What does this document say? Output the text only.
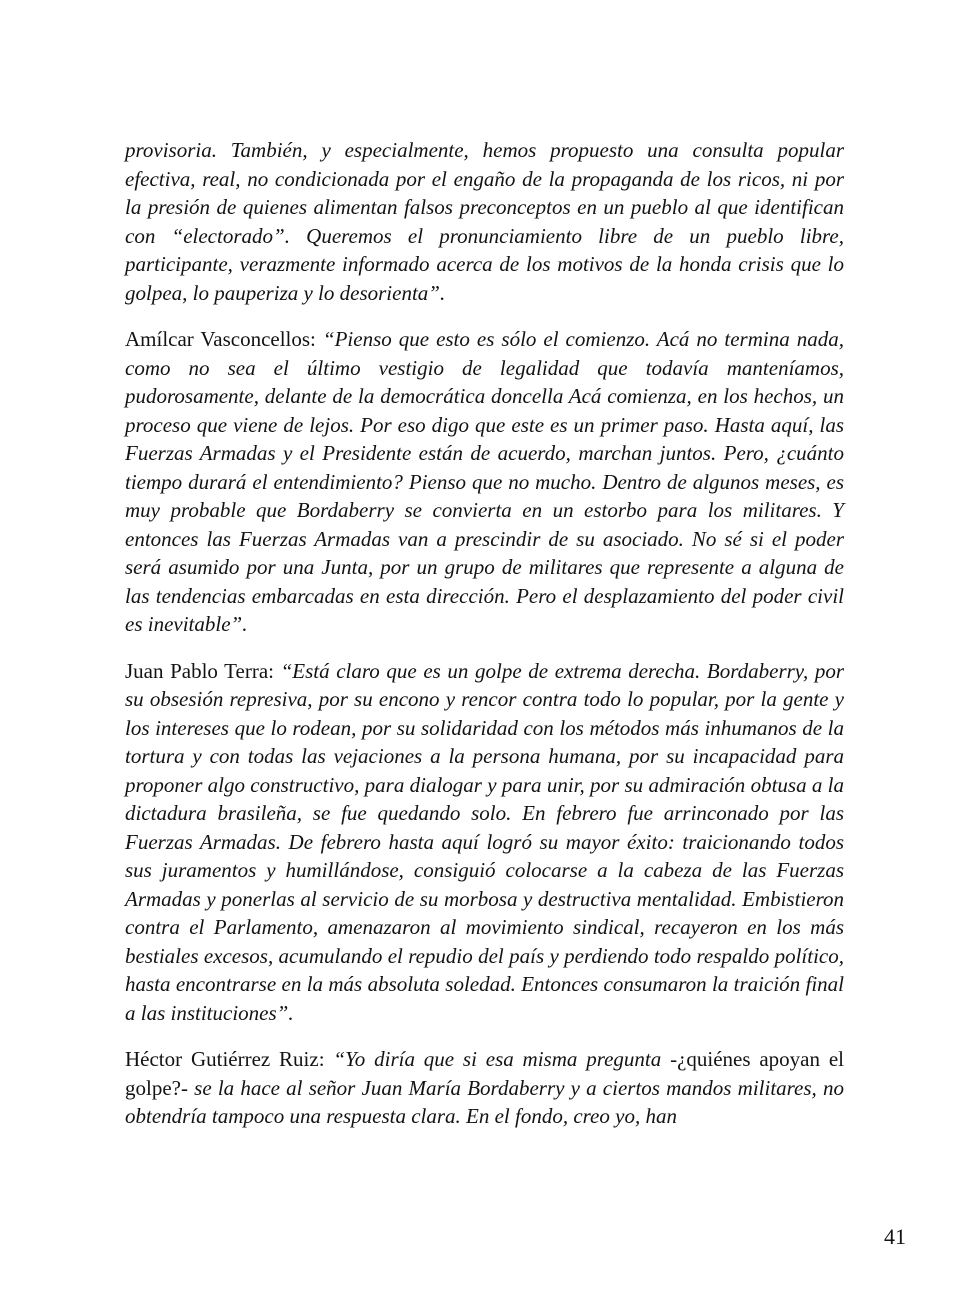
provisoria. También, y especialmente, hemos propuesto una consulta popular efectiva, real, no condicionada por el engaño de la propaganda de los ricos, ni por la presión de quienes alimentan falsos preconceptos en un pueblo al que identifican con “electorado”. Queremos el pronunciamiento libre de un pueblo libre, participante, verazmente informado acerca de los motivos de la honda crisis que lo golpea, lo pauperiza y lo desorienta”.

Amílcar Vasconcellos: “Pienso que esto es sólo el comienzo. Acá no termina nada, como no sea el último vestigio de legalidad que todavía manteníamos, pudorosamente, delante de la democrática doncella Acá comienza, en los hechos, un proceso que viene de lejos. Por eso digo que este es un primer paso. Hasta aquí, las Fuerzas Armadas y el Presidente están de acuerdo, marchan juntos. Pero, ¿cuánto tiempo durará el entendimiento? Pienso que no mucho. Dentro de algunos meses, es muy probable que Bordaberry se convierta en un estorbo para los militares. Y entonces las Fuerzas Armadas van a prescindir de su asociado. No sé si el poder será asumido por una Junta, por un grupo de militares que represente a alguna de las tendencias embarcadas en esta dirección. Pero el desplazamiento del poder civil es inevitable”.

Juan Pablo Terra: “Está claro que es un golpe de extrema derecha. Bordaberry, por su obsesión represiva, por su encono y rencor contra todo lo popular, por la gente y los intereses que lo rodean, por su solidaridad con los métodos más inhumanos de la tortura y con todas las vejaciones a la persona humana, por su incapacidad para proponer algo constructivo, para dialogar y para unir, por su admiración obtusa a la dictadura brasileña, se fue quedando solo. En febrero fue arrinconado por las Fuerzas Armadas. De febrero hasta aquí logró su mayor éxito: traicionando todos sus juramentos y humillándose, consiguió colocarse a la cabeza de las Fuerzas Armadas y ponerlas al servicio de su morbosa y destructiva mentalidad. Embistieron contra el Parlamento, amenazaron al movimiento sindical, recayeron en los más bestiales excesos, acumulando el repudio del país y perdiendo todo respaldo político, hasta encontrarse en la más absoluta soledad. Entonces consumaron la traición final a las instituciones”.

Héctor Gutiérrez Ruiz: “Yo diría que si esa misma pregunta -¿quiénes apoyan el golpe?- se la hace al señor Juan María Bordaberry y a ciertos mandos militares, no obtendría tampoco una respuesta clara. En el fondo, creo yo, han

41
